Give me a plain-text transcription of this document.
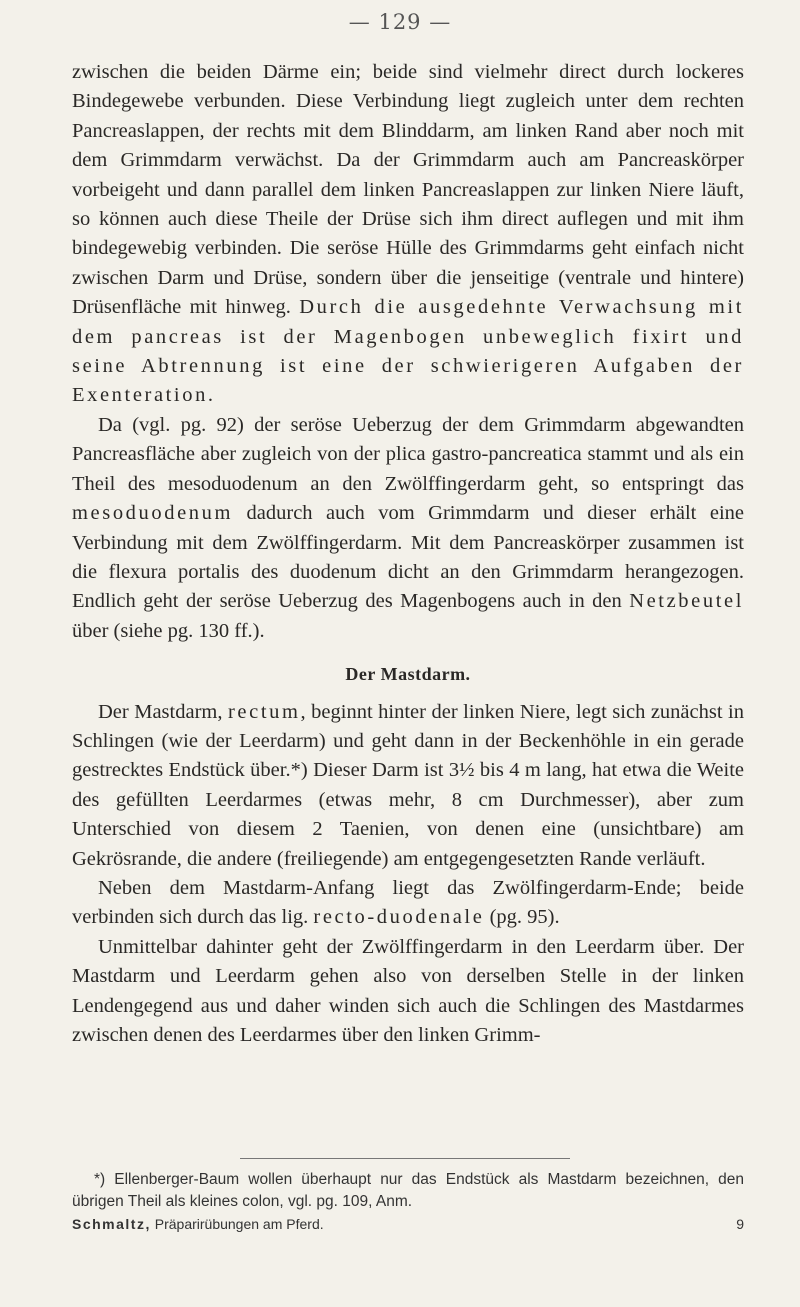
— 129 —

zwischen die beiden Därme ein; beide sind vielmehr direct durch lockeres Bindegewebe verbunden. Diese Verbindung liegt zugleich unter dem rechten Pancreaslappen, der rechts mit dem Blinddarm, am linken Rand aber noch mit dem Grimmdarm verwächst. Da der Grimmdarm auch am Pancreaskörper vorbeigeht und dann parallel dem linken Pancreaslappen zur linken Niere läuft, so können auch diese Theile der Drüse sich ihm direct auflegen und mit ihm bindegewebig verbinden. Die seröse Hülle des Grimmdarms geht einfach nicht zwischen Darm und Drüse, sondern über die jenseitige (ventrale und hintere) Drüsenfläche mit hinweg. Durch die ausgedehnte Verwachsung mit dem pancreas ist der Magenbogen unbeweglich fixirt und seine Abtrennung ist eine der schwierigeren Aufgaben der Exenteration.

Da (vgl. pg. 92) der seröse Ueberzug der dem Grimmdarm abgewandten Pancreasfläche aber zugleich von der plica gastro-pancreatica stammt und als ein Theil des mesoduodenum an den Zwölffingerdarm geht, so entspringt das mesoduodenum dadurch auch vom Grimmdarm und dieser erhält eine Verbindung mit dem Zwölffingerdarm. Mit dem Pancreaskörper zusammen ist die flexura portalis des duodenum dicht an den Grimmdarm herangezogen. Endlich geht der seröse Ueberzug des Magenbogens auch in den Netzbeutel über (siehe pg. 130 ff.).

Der Mastdarm.

Der Mastdarm, rectum, beginnt hinter der linken Niere, legt sich zunächst in Schlingen (wie der Leerdarm) und geht dann in der Beckenhöhle in ein gerade gestrecktes Endstück über.*) Dieser Darm ist 3½ bis 4 m lang, hat etwa die Weite des gefüllten Leerdarmes (etwas mehr, 8 cm Durchmesser), aber zum Unterschied von diesem 2 Taenien, von denen eine (unsichtbare) am Gekrösrande, die andere (freiliegende) am entgegengesetzten Rande verläuft.

Neben dem Mastdarm-Anfang liegt das Zwölfingerdarm-Ende; beide verbinden sich durch das lig. recto-duodenale (pg. 95).

Unmittelbar dahinter geht der Zwölffingerdarm in den Leerdarm über. Der Mastdarm und Leerdarm gehen also von derselben Stelle in der linken Lendengegend aus und daher winden sich auch die Schlingen des Mastdarmes zwischen denen des Leerdarmes über den linken Grimm-

*) Ellenberger-Baum wollen überhaupt nur das Endstück als Mastdarm bezeichnen, den übrigen Theil als kleines colon, vgl. pg. 109, Anm.

Schmaltz, Präparirübungen am Pferd.	9
